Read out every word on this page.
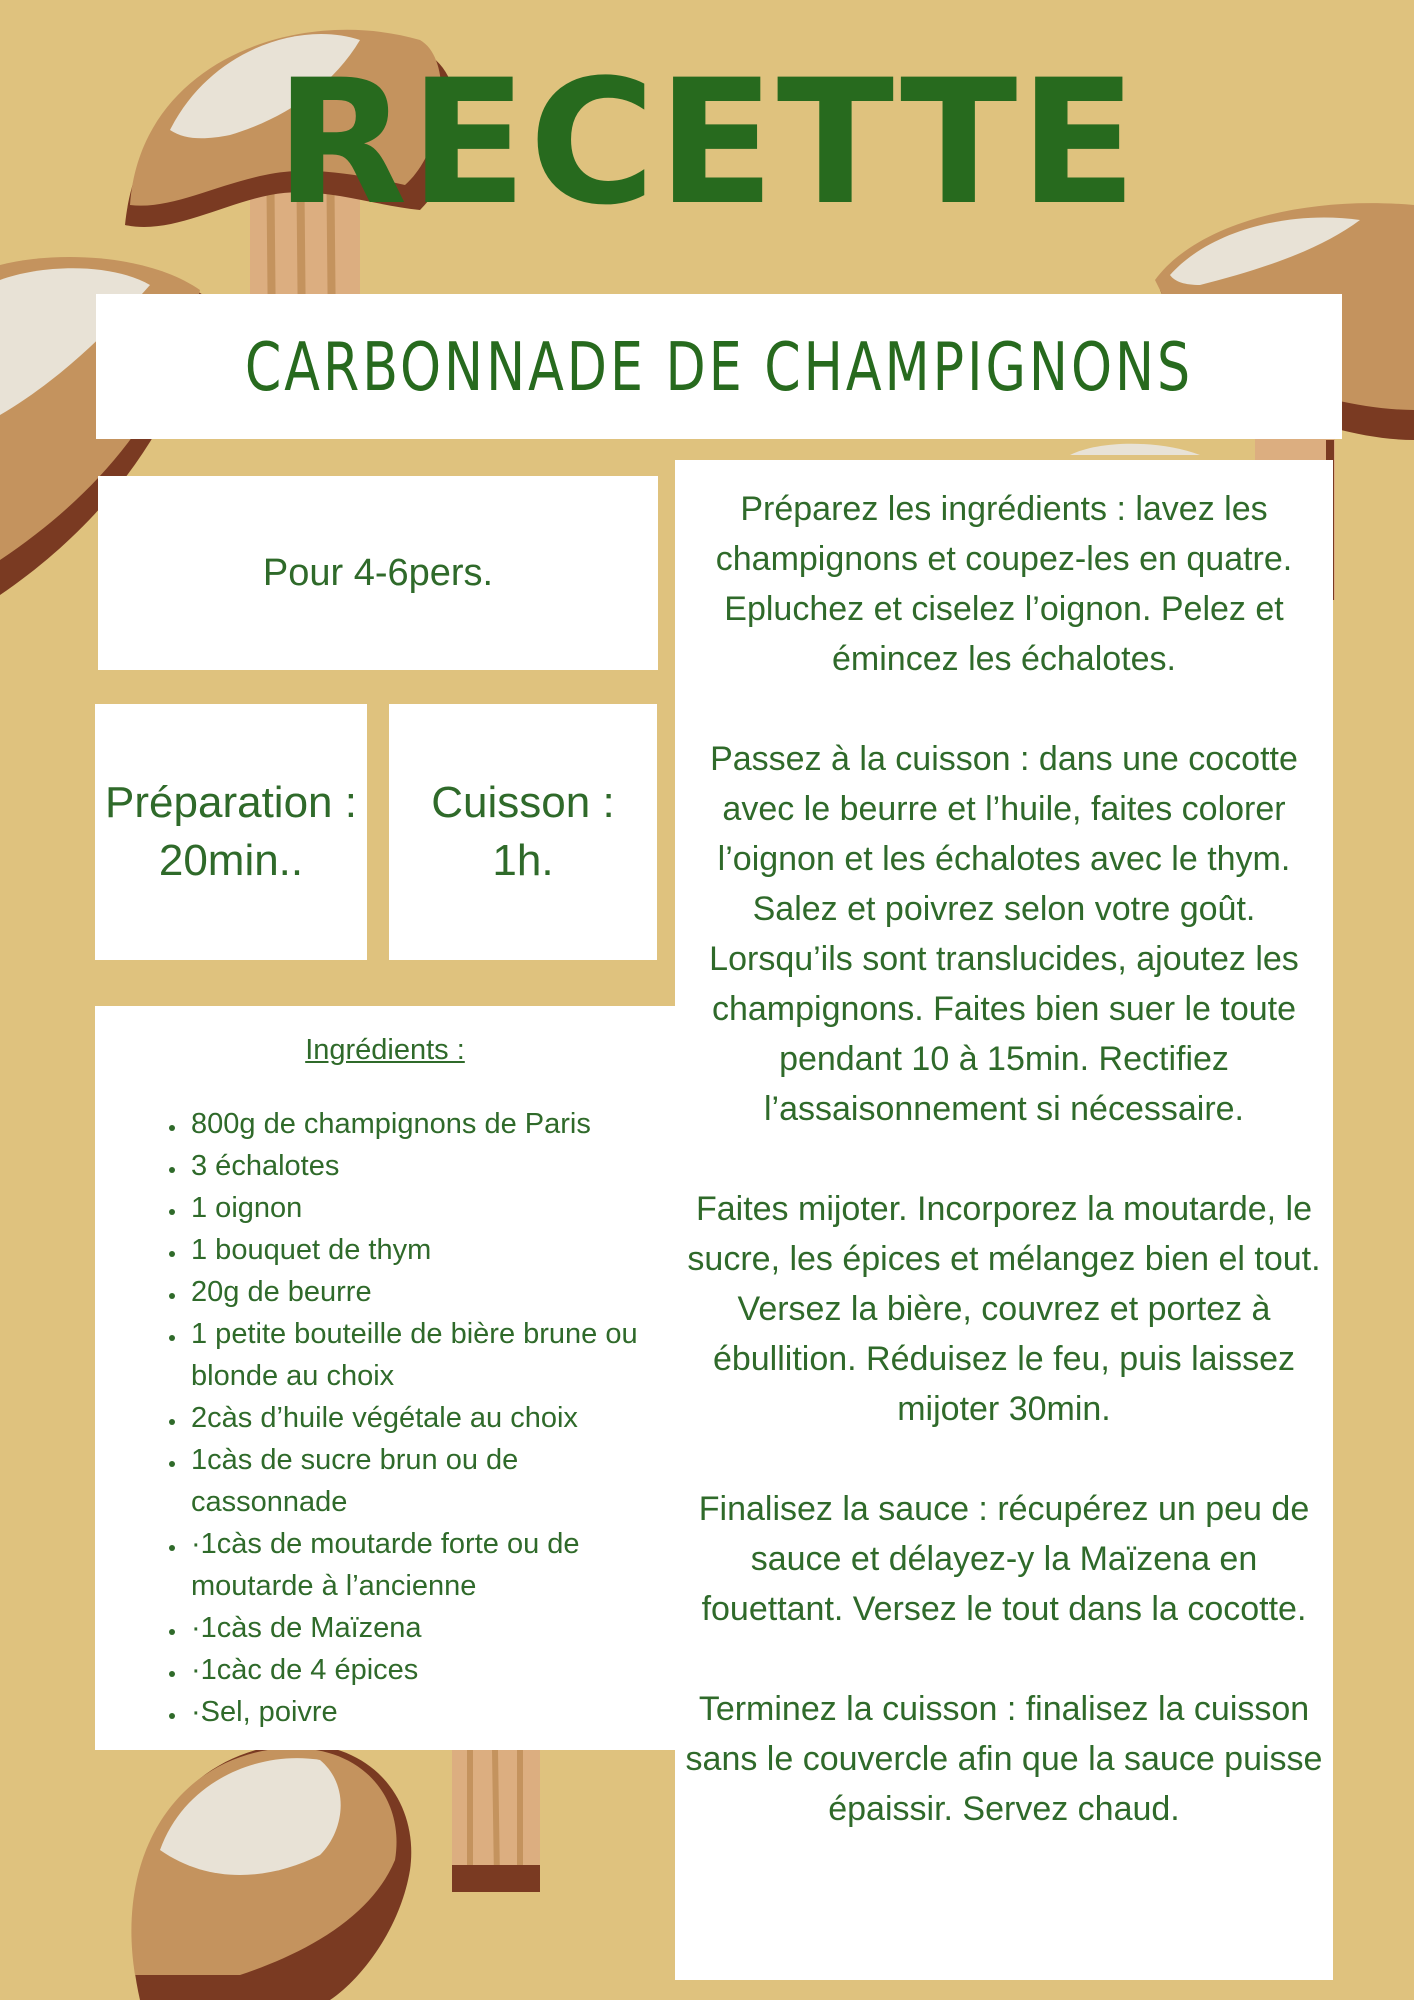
RECETTE
CARBONNADE DE CHAMPIGNONS
Pour 4-6pers.
Préparation :
20min..
Cuisson :
1h.
Ingrédients :
• 800g de champignons de Paris
• 3 échalotes
• 1 oignon
• 1 bouquet de thym
• 20g de beurre
• 1 petite bouteille de bière brune ou blonde au choix
• 2càs d’huile végétale au choix
• 1càs de sucre brun ou de cassonnade
• ·1càs de moutarde forte ou de moutarde à l’ancienne
• ·1càs de Maïzena
• ·1càc de 4 épices
• ·Sel, poivre

Préparez les ingrédients : lavez les champignons et coupez-les en quatre. Epluchez et ciselez l’oignon. Pelez et émincez les échalotes.

Passez à la cuisson : dans une cocotte avec le beurre et l’huile, faites colorer l’oignon et les échalotes avec le thym. Salez et poivrez selon votre goût. Lorsqu’ils sont translucides, ajoutez les champignons. Faites bien suer le toute pendant 10 à 15min. Rectifiez l’assaisonnement si nécessaire.

Faites mijoter. Incorporez la moutarde, le sucre, les épices et mélangez bien el tout. Versez la bière, couvrez et portez à ébullition. Réduisez le feu, puis laissez mijoter 30min.

Finalisez la sauce : récupérez un peu de sauce et délayez-y la Maïzena en fouettant. Versez le tout dans la cocotte.

Terminez la cuisson : finalisez la cuisson sans le couvercle afin que la sauce puisse épaissir. Servez chaud.
